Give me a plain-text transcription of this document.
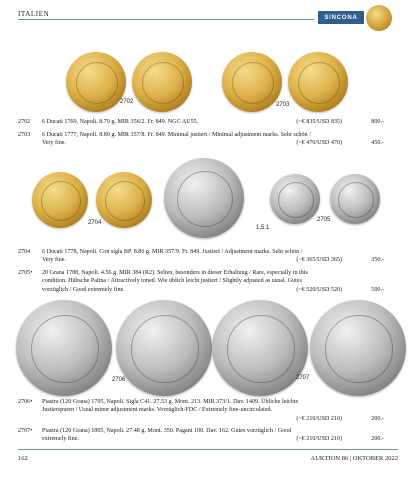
ITALIEN	SINCONA
2702	2703
2702	6 Ducati 1769, Napoli. 8.79 g. MIR 356/2. Fr. 849. NGC AU55.	(~€ 835/USD 835)	800.-
2703	6 Ducati 1777, Napoli. 8.80 g. MIR 357/8. Fr. 849. Minimal justiert / Minimal adjustment marks. Sehr schön /
Very fine.	(~€ 470/USD 470)	450.-
2704
1,5:1
2705
2704	6 Ducati 1778, Napoli. Con sigla BP. 8.86 g. MIR 357/9. Fr. 849. Justiert / Adjustment marks. Sehr schön /
Very fine.	(~€ 365/USD 365)	350.-
2705•	20 Grana 1788, Napoli. 4.56 g. MIR 384 (R2). Selten, besonders in dieser Erhaltung / Rare, especially in this
condition. Hübsche Patina / Attractively toned. Wie üblich leicht justiert / Slightly adjusted as usual. Gutes
vorzüglich / Good extremely fine.	(~€ 520/USD 520)	500.-
2706	2707
2706•	Piastra (120 Grana) 1795, Napoli. Sigla C41. 27.53 g. Mont. 213. MIR 373/1. Dav. 1409. Übliche leichte
Justierspuren / Usual minor adjustment marks. Vorzüglich-FDC / Extremely fine-uncirculated.
(~€ 210/USD 210)	200.-
2707•	Piastra (120 Grana) 1805, Napoli. 27.48 g. Mont. 350. Pagani 100. Dav. 162. Gutes vorzüglich / Good
extremely fine.	(~€ 210/USD 210)	200.-
162	AUKTION 86 | OKTOBER 2022
